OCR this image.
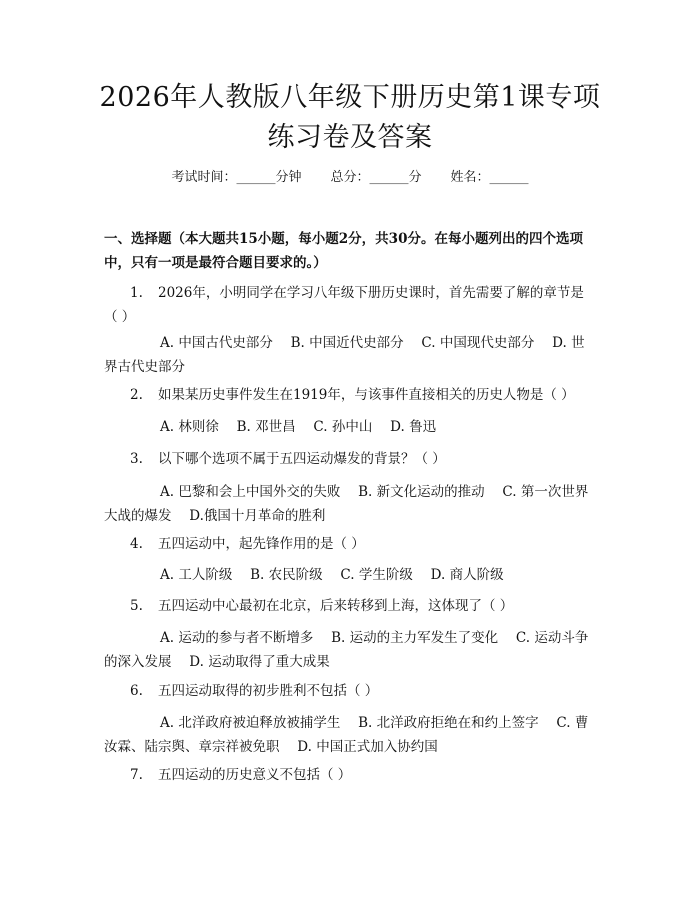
2026年人教版八年级下册历史第1课专项练习卷及答案
考试时间：______分钟 总分：______分 姓名：______
一、选择题（本大题共15小题，每小题2分，共30分。在每小题列出的四个选项中，只有一项是最符合题目要求的。）
1. 2026年，小明同学在学习八年级下册历史课时，首先需要了解的章节是（ ）
A. 中国古代史部分　 B. 中国近代史部分　 C. 中国现代史部分　 D. 世界古代史部分
2. 如果某历史事件发生在1919年，与该事件直接相关的历史人物是（ ）
A. 林则徐　 B. 邓世昌　 C. 孙中山　 D. 鲁迅
3. 以下哪个选项不属于五四运动爆发的背景？（ ）
A. 巴黎和会上中国外交的失败　 B. 新文化运动的推动　 C. 第一次世界大战的爆发　 D.俄国十月革命的胜利
4. 五四运动中，起先锋作用的是（ ）
A. 工人阶级　 B. 农民阶级　 C. 学生阶级　 D. 商人阶级
5. 五四运动中心最初在北京，后来转移到上海，这体现了（ ）
A. 运动的参与者不断增多　 B. 运动的主力军发生了变化　 C. 运动斗争的深入发展　 D. 运动取得了重大成果
6. 五四运动取得的初步胜利不包括（ ）
A. 北洋政府被迫释放被捕学生　 B. 北洋政府拒绝在和约上签字　 C. 曹汝霖、陆宗舆、章宗祥被免职　 D. 中国正式加入协约国
7. 五四运动的历史意义不包括（ ）
